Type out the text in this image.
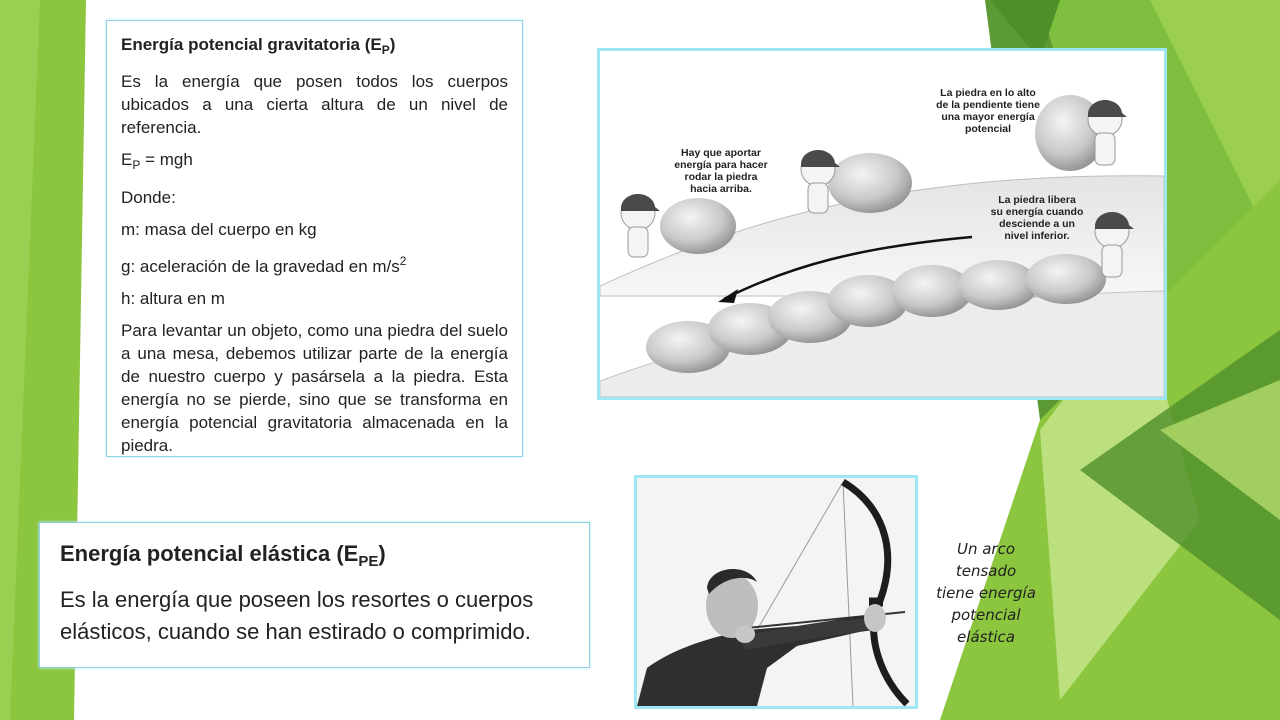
Energía potencial gravitatoria $(E_P)$

Es la energía que posen todos los cuerpos ubicados a una cierta altura de un nivel de referencia.

$E_P$ = mgh

Donde:

m: masa del cuerpo en kg

g: aceleración de la gravedad en $m/s^2$

h: altura en m

Para levantar un objeto, como una piedra del suelo a una mesa, debemos utilizar parte de la energía de nuestro cuerpo y pasársela a la piedra. Esta energía no se pierde, sino que se transforma en energía potencial gravitatoria almacenada en la piedra.

Hay que aportar
energía para hacer
rodar la piedra
hacia arriba.
La piedra en lo alto
de la pendiente tiene
una mayor energía
potencial
La piedra libera
su energía cuando
desciende a un
nivel inferior.
Energía potencial elástica $(E_{PE})$
Es la energía que poseen los resortes o cuerpos elásticos, cuando se han estirado o comprimido.
Un arco
tensado
tiene energía
potencial
elástica
